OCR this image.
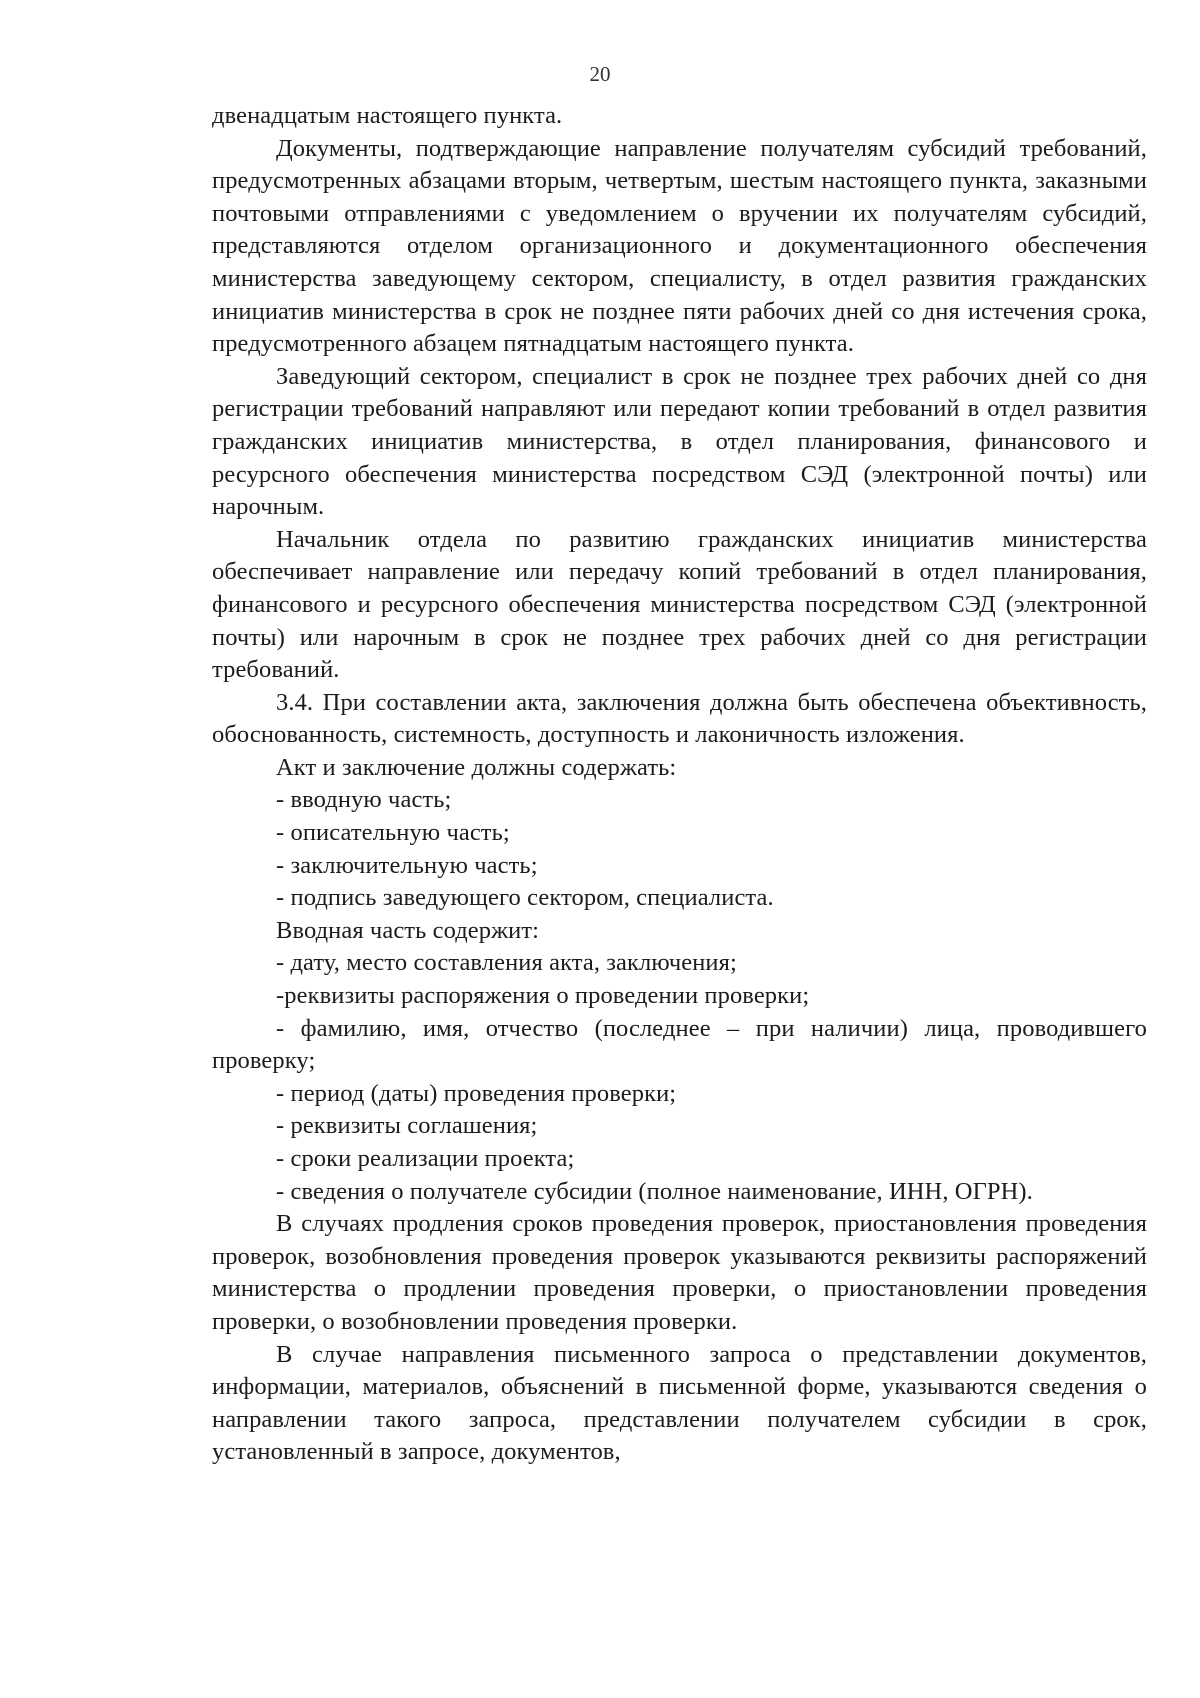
20

двенадцатым настоящего пункта.

Документы, подтверждающие направление получателям субсидий требований, предусмотренных абзацами вторым, четвертым, шестым настоящего пункта, заказными почтовыми отправлениями с уведомлением о вручении их получателям субсидий, представляются отделом организационного и документационного обеспечения министерства заведующему сектором, специалисту, в отдел развития гражданских инициатив министерства в срок не позднее пяти рабочих дней со дня истечения срока, предусмотренного абзацем пятнадцатым настоящего пункта.

Заведующий сектором, специалист в срок не позднее трех рабочих дней со дня регистрации требований направляют или передают копии требований в отдел развития гражданских инициатив министерства, в отдел планирования, финансового и ресурсного обеспечения министерства посредством СЭД (электронной почты) или нарочным.

Начальник отдела по развитию гражданских инициатив министерства обеспечивает направление или передачу копий требований в отдел планирования, финансового и ресурсного обеспечения министерства посредством СЭД (электронной почты) или нарочным в срок не позднее трех рабочих дней со дня регистрации требований.

3.4. При составлении акта, заключения должна быть обеспечена объективность, обоснованность, системность, доступность и лаконичность изложения.

Акт и заключение должны содержать:

- вводную часть;

- описательную часть;

- заключительную часть;

- подпись заведующего сектором, специалиста.

Вводная часть содержит:

- дату, место составления акта, заключения;

-реквизиты распоряжения о проведении проверки;

- фамилию, имя, отчество (последнее – при наличии) лица, проводившего проверку;

- период (даты) проведения проверки;

- реквизиты соглашения;

- сроки реализации проекта;

- сведения о получателе субсидии (полное наименование, ИНН, ОГРН).

В случаях продления сроков проведения проверок, приостановления проведения проверок, возобновления проведения проверок указываются реквизиты распоряжений министерства о продлении проведения проверки, о приостановлении проведения проверки, о возобновлении проведения проверки.

В случае направления письменного запроса о представлении документов, информации, материалов, объяснений в письменной форме, указываются сведения о направлении такого запроса, представлении получателем субсидии в срок, установленный в запросе, документов,
